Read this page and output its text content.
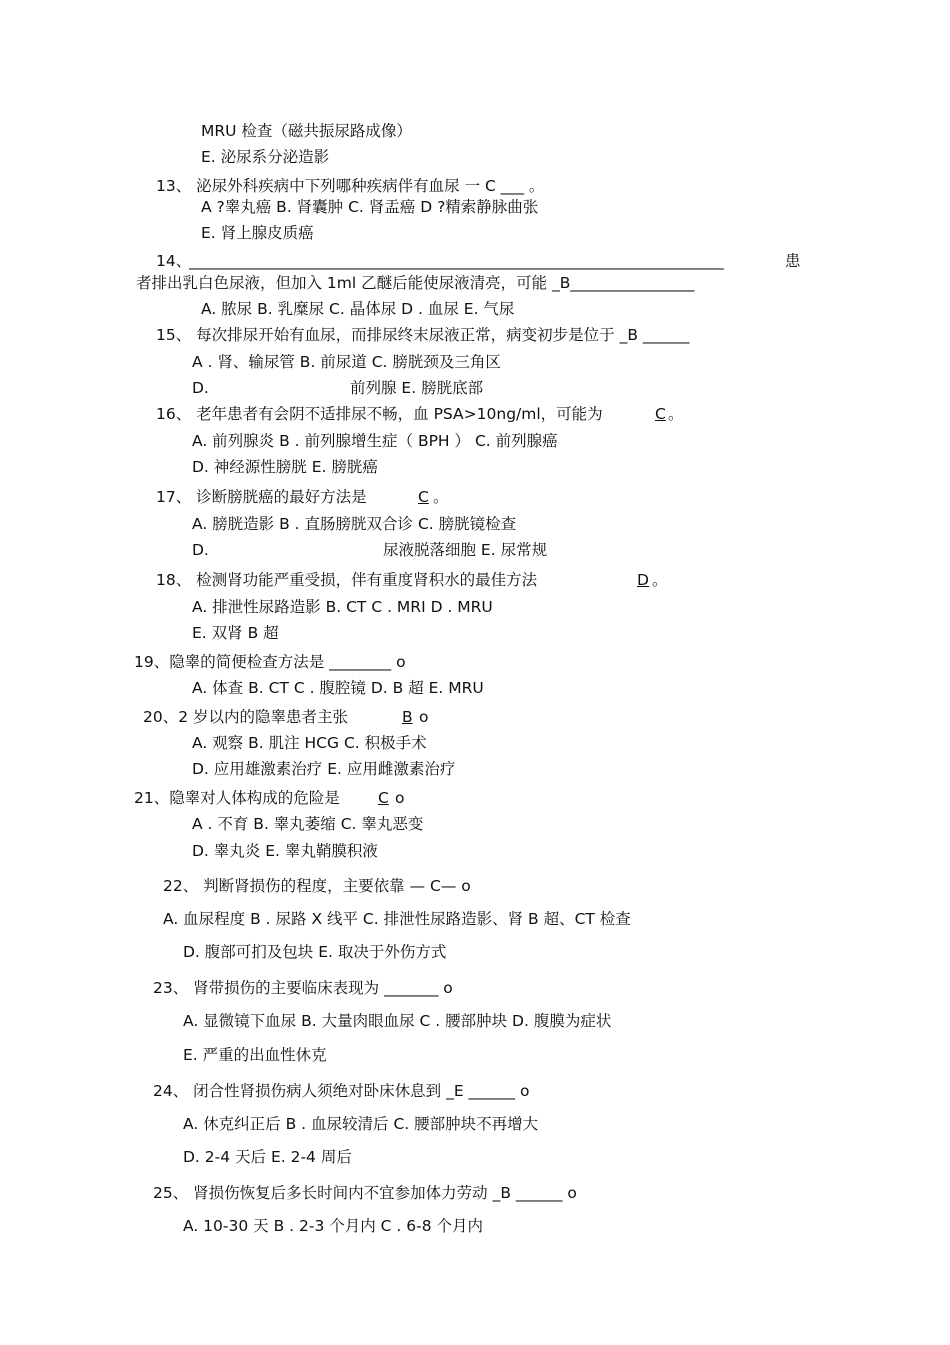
MRU 检查（磁共振尿路成像）
E. 泌尿系分泌造影
13、 泌尿外科疾病中下列哪种疾病伴有血尿 一 C ___ 。
A ?睾丸癌 B. 肾囊肿 C. 肾盂癌 D ?精索静脉曲张
E. 肾上腺皮质癌
14、
_____________________________________________________________________	患
者排出乳白色尿液，但加入 1ml 乙醚后能使尿液清亮，可能 _B________________
A. 脓尿 B. 乳糜尿 C. 晶体尿 D . 血尿 E. 气尿
15、 每次排尿开始有血尿，而排尿终末尿液正常，病变初步是位于 _B ______
A . 肾、输尿管 B. 前尿道 C. 膀胱颈及三角区
D.	前列腺 E. 膀胱底部
16、 老年患者有会阴不适排尿不畅，血 PSA>10ng/ml，可能为	C 。
A. 前列腺炎 B . 前列腺增生症（ BPH ） C. 前列腺癌
D. 神经源性膀胱 E. 膀胱癌
17、 诊断膀胱癌的最好方法是	C 。
A. 膀胱造影 B . 直肠膀胱双合诊 C. 膀胱镜检查
D.	尿液脱落细胞 E. 尿常规
18、 检测肾功能严重受损，伴有重度肾积水的最佳方法	D 。
A. 排泄性尿路造影 B. CT C . MRI D . MRU
E. 双肾 B 超
19、隐睾的简便检查方法是 ________ o
A. 体查 B. CT C . 腹腔镜 D. B 超 E. MRU
20、2 岁以内的隐睾患者主张	B o
A. 观察 B. 肌注 HCG C. 积极手术
D. 应用雄激素治疗 E. 应用雌激素治疗
21、隐睾对人体构成的危险是 C o
A . 不育 B. 睾丸萎缩 C. 睾丸恶变
D. 睾丸炎 E. 睾丸鞘膜积液
22、 判断肾损伤的程度，主要依靠 — C— o
A. 血尿程度 B . 尿路 X 线平 C. 排泄性尿路造影、肾 B 超、CT 检查
D. 腹部可扪及包块 E. 取决于外伤方式
23、 肾带损伤的主要临床表现为 _______ o
A. 显微镜下血尿 B. 大量肉眼血尿 C . 腰部肿块 D. 腹膜为症状
E. 严重的出血性休克
24、 闭合性肾损伤病人须绝对卧床休息到 _E ______ o
A. 休克纠正后 B . 血尿较清后 C. 腰部肿块不再增大
D. 2-4 天后 E. 2-4 周后
25、 肾损伤恢复后多长时间内不宜参加体力劳动 _B ______ o
A. 10-30 天 B . 2-3 个月内 C . 6-8 个月内
